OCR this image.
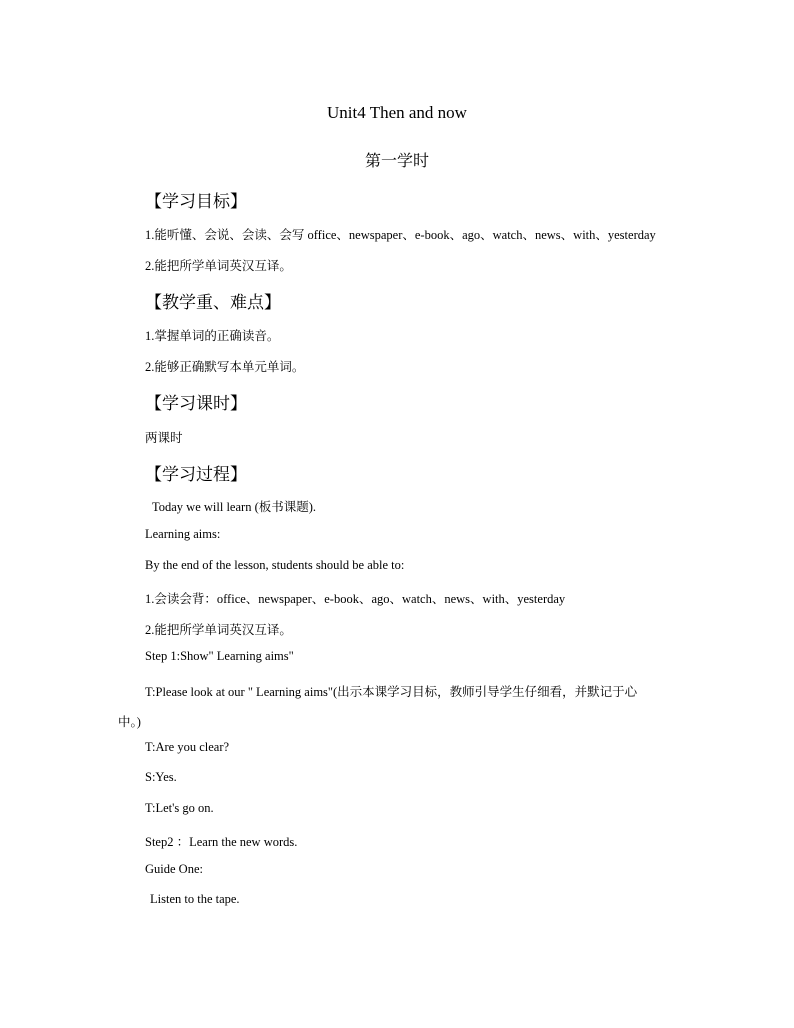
Unit4 Then and now
第一学时
【学习目标】
1.能听懂、会说、会读、会写 office、newspaper、e-book、ago、watch、news、with、yesterday
2.能把所学单词英汉互译。
【教学重、难点】
1.掌握单词的正确读音。
2.能够正确默写本单元单词。
【学习课时】
两课时
【学习过程】
Today we will learn (板书课题).
Learning aims:
By the end of the lesson, students should be able to:
1.会读会背：office、newspaper、e-book、ago、watch、news、with、yesterday
2.能把所学单词英汉互译。
Step 1:Show" Learning aims"
T:Please look at our " Learning aims"(出示本课学习目标，教师引导学生仔细看，并默记于心
中。)
T:Are you clear?
S:Yes.
T:Let's go on.
Step2 ：Learn the new words.
Guide One:
Listen to the tape.
